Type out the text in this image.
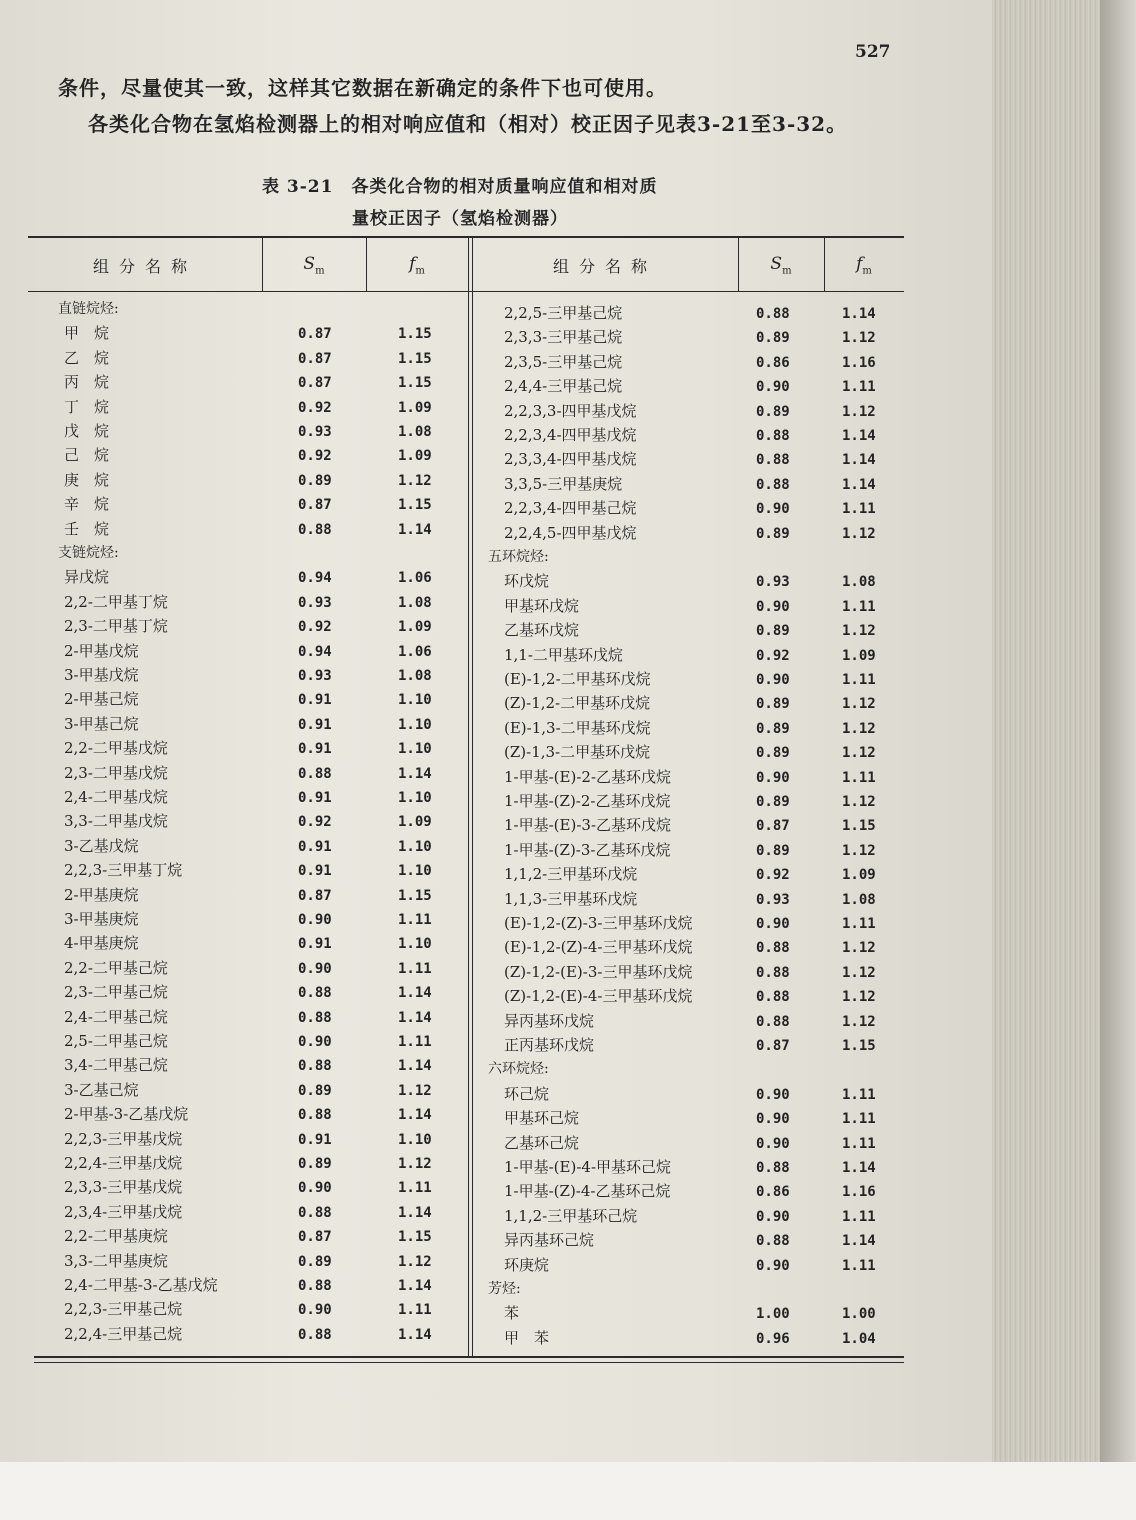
527
条件，尽量使其一致，这样其它数据在新确定的条件下也可使用。
各类化合物在氢焰检测器上的相对响应值和（相对）校正因子见表3-21至3-32。
表 3-21　各类化合物的相对质量响应值和相对质
量校正因子（氢焰检测器）
组分名称	$S_m$	$f_m$	组分名称	$S_m$	$f_m$
直链烷烃:
甲　烷	0.87	1.15
乙　烷	0.87	1.15
丙　烷	0.87	1.15
丁　烷	0.92	1.09
戊　烷	0.93	1.08
己　烷	0.92	1.09
庚　烷	0.89	1.12
辛　烷	0.87	1.15
壬　烷	0.88	1.14
支链烷烃:
异戊烷	0.94	1.06
2,2-二甲基丁烷	0.93	1.08
2,3-二甲基丁烷	0.92	1.09
2-甲基戊烷	0.94	1.06
3-甲基戊烷	0.93	1.08
2-甲基己烷	0.91	1.10
3-甲基己烷	0.91	1.10
2,2-二甲基戊烷	0.91	1.10
2,3-二甲基戊烷	0.88	1.14
2,4-二甲基戊烷	0.91	1.10
3,3-二甲基戊烷	0.92	1.09
3-乙基戊烷	0.91	1.10
2,2,3-三甲基丁烷	0.91	1.10
2-甲基庚烷	0.87	1.15
3-甲基庚烷	0.90	1.11
4-甲基庚烷	0.91	1.10
2,2-二甲基己烷	0.90	1.11
2,3-二甲基己烷	0.88	1.14
2,4-二甲基己烷	0.88	1.14
2,5-二甲基己烷	0.90	1.11
3,4-二甲基己烷	0.88	1.14
3-乙基己烷	0.89	1.12
2-甲基-3-乙基戊烷	0.88	1.14
2,2,3-三甲基戊烷	0.91	1.10
2,2,4-三甲基戊烷	0.89	1.12
2,3,3-三甲基戊烷	0.90	1.11
2,3,4-三甲基戊烷	0.88	1.14
2,2-二甲基庚烷	0.87	1.15
3,3-二甲基庚烷	0.89	1.12
2,4-二甲基-3-乙基戊烷	0.88	1.14
2,2,3-三甲基己烷	0.90	1.11
2,2,4-三甲基己烷	0.88	1.14
2,2,5-三甲基己烷	0.88	1.14
2,3,3-三甲基己烷	0.89	1.12
2,3,5-三甲基己烷	0.86	1.16
2,4,4-三甲基己烷	0.90	1.11
2,2,3,3-四甲基戊烷	0.89	1.12
2,2,3,4-四甲基戊烷	0.88	1.14
2,3,3,4-四甲基戊烷	0.88	1.14
3,3,5-三甲基庚烷	0.88	1.14
2,2,3,4-四甲基己烷	0.90	1.11
2,2,4,5-四甲基戊烷	0.89	1.12
五环烷烃:
环戊烷	0.93	1.08
甲基环戊烷	0.90	1.11
乙基环戊烷	0.89	1.12
1,1-二甲基环戊烷	0.92	1.09
(E)-1,2-二甲基环戊烷	0.90	1.11
(Z)-1,2-二甲基环戊烷	0.89	1.12
(E)-1,3-二甲基环戊烷	0.89	1.12
(Z)-1,3-二甲基环戊烷	0.89	1.12
1-甲基-(E)-2-乙基环戊烷	0.90	1.11
1-甲基-(Z)-2-乙基环戊烷	0.89	1.12
1-甲基-(E)-3-乙基环戊烷	0.87	1.15
1-甲基-(Z)-3-乙基环戊烷	0.89	1.12
1,1,2-三甲基环戊烷	0.92	1.09
1,1,3-三甲基环戊烷	0.93	1.08
(E)-1,2-(Z)-3-三甲基环戊烷	0.90	1.11
(E)-1,2-(Z)-4-三甲基环戊烷	0.88	1.12
(Z)-1,2-(E)-3-三甲基环戊烷	0.88	1.12
(Z)-1,2-(E)-4-三甲基环戊烷	0.88	1.12
异丙基环戊烷	0.88	1.12
正丙基环戊烷	0.87	1.15
六环烷烃:
环己烷	0.90	1.11
甲基环己烷	0.90	1.11
乙基环己烷	0.90	1.11
1-甲基-(E)-4-甲基环己烷	0.88	1.14
1-甲基-(Z)-4-乙基环己烷	0.86	1.16
1,1,2-三甲基环己烷	0.90	1.11
异丙基环己烷	0.88	1.14
环庚烷	0.90	1.11
芳烃:
苯	1.00	1.00
甲　苯	0.96	1.04
